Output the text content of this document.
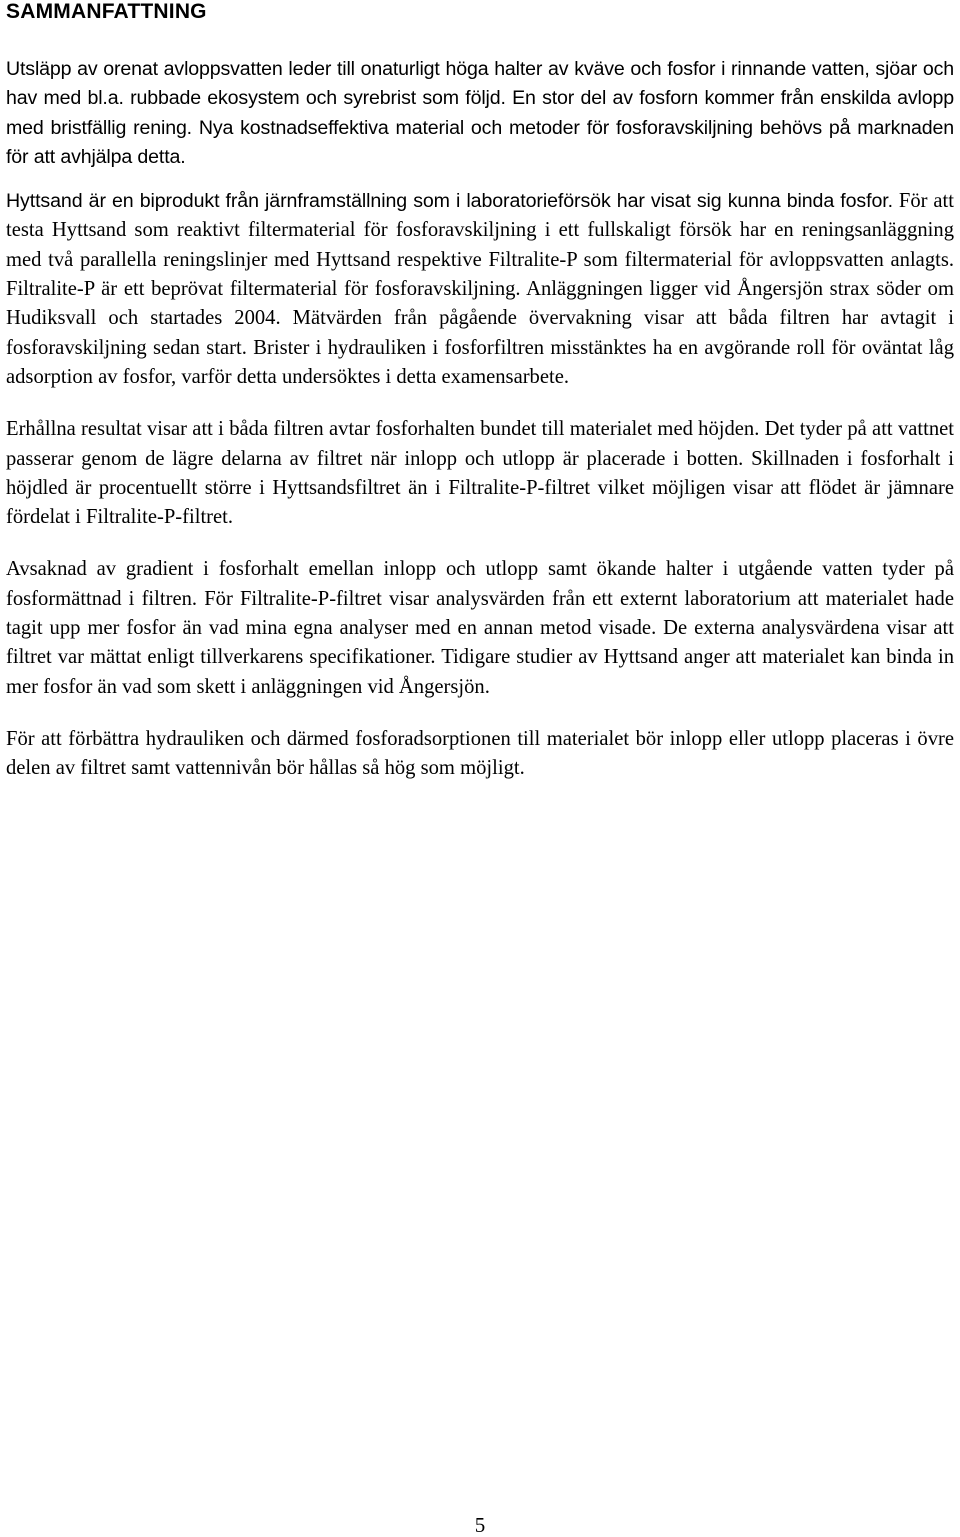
SAMMANFATTNING

Utsläpp av orenat avloppsvatten leder till onaturligt höga halter av kväve och fosfor i rinnande vatten, sjöar och hav med bl.a. rubbade ekosystem och syrebrist som följd. En stor del av fosforn kommer från enskilda avlopp med bristfällig rening. Nya kostnadseffektiva material och metoder för fosforavskiljning behövs på marknaden för att avhjälpa detta.

Hyttsand är en biprodukt från järnframställning som i laboratorieförsök har visat sig kunna binda fosfor. För att testa Hyttsand som reaktivt filtermaterial för fosforavskiljning i ett fullskaligt försök har en reningsanläggning med två parallella reningslinjer med Hyttsand respektive Filtralite-P som filtermaterial för avloppsvatten anlagts. Filtralite-P är ett beprövat filtermaterial för fosforavskiljning. Anläggningen ligger vid Ångersjön strax söder om Hudiksvall och startades 2004. Mätvärden från pågående övervakning visar att båda filtren har avtagit i fosforavskiljning sedan start. Brister i hydrauliken i fosforfiltren misstänktes ha en avgörande roll för oväntat låg adsorption av fosfor, varför detta undersöktes i detta examensarbete.

Erhållna resultat visar att i båda filtren avtar fosforhalten bundet till materialet med höjden. Det tyder på att vattnet passerar genom de lägre delarna av filtret när inlopp och utlopp är placerade i botten. Skillnaden i fosforhalt i höjdled är procentuellt större i Hyttsandsfiltret än i Filtralite-P-filtret vilket möjligen visar att flödet är jämnare fördelat i Filtralite-P-filtret.

Avsaknad av gradient i fosforhalt emellan inlopp och utlopp samt ökande halter i utgående vatten tyder på fosformättnad i filtren. För Filtralite-P-filtret visar analysvärden från ett externt laboratorium att materialet hade tagit upp mer fosfor än vad mina egna analyser med en annan metod visade. De externa analysvärdena visar att filtret var mättat enligt tillverkarens specifikationer. Tidigare studier av Hyttsand anger att materialet kan binda in mer fosfor än vad som skett i anläggningen vid Ångersjön.

För att förbättra hydrauliken och därmed fosforadsorptionen till materialet bör inlopp eller utlopp placeras i övre delen av filtret samt vattennivån bör hållas så hög som möjligt.

5
